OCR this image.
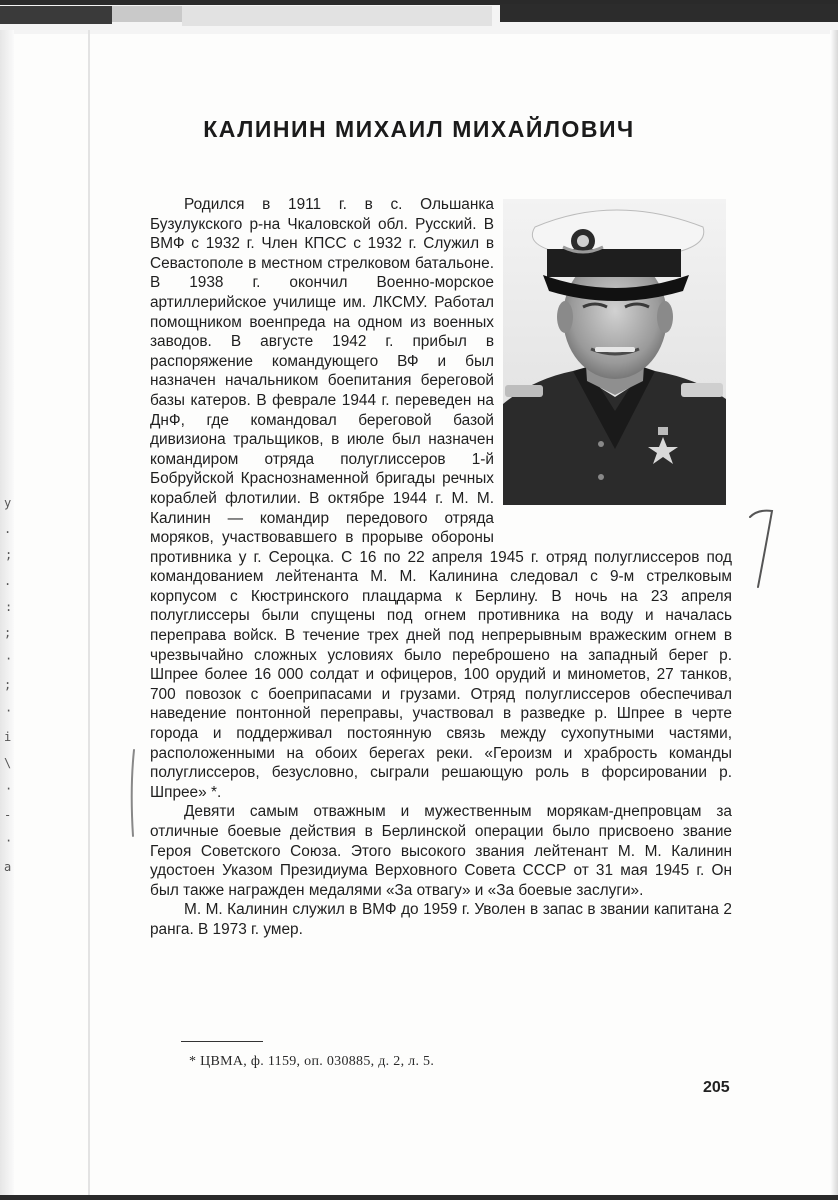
у
.
;
.
:
;
·
;
·
i
\
·
-
·
а
КАЛИНИН МИХАИЛ МИХАЙЛОВИЧ

Родился в 1911 г. в с. Ольшанка Бузулукского р-на Чкаловской обл. Русский. В ВМФ с 1932 г. Член КПСС с 1932 г. Служил в Севастополе в местном стрелковом батальоне. В 1938 г. окончил Военно-морское артиллерийское училище им. ЛКСМУ. Работал помощником военпреда на одном из военных заводов. В августе 1942 г. прибыл в распоряжение командующего ВФ и был назначен начальником боепитания береговой базы катеров. В феврале 1944 г. переведен на ДнФ, где командовал береговой базой дивизиона тральщиков, в июле был назначен командиром отряда полуглиссеров 1-й Бобруйской Краснознаменной бригады речных кораблей флотилии. В октябре 1944 г. М. М. Калинин — командир передового отряда моряков, участвовавшего в прорыве обороны противника у г. Сероцка. С 16 по 22 апреля 1945 г. отряд полуглиссеров под командованием лейтенанта М. М. Калинина следовал с 9-м стрелковым корпусом с Кюстринского плацдарма к Берлину. В ночь на 23 апреля полуглиссеры были спущены под огнем противника на воду и началась переправа войск. В течение трех дней под непрерывным вражеским огнем в чрезвычайно сложных условиях было переброшено на западный берег р. Шпрее более 16 000 солдат и офицеров, 100 орудий и минометов, 27 танков, 700 повозок с боеприпасами и грузами. Отряд полуглиссеров обеспечивал наведение понтонной переправы, участвовал в разведке р. Шпрее в черте города и поддерживал постоянную связь между сухопутными частями, расположенными на обоих берегах реки. «Героизм и храбрость команды полуглиссеров, безусловно, сыграли решающую роль в форсировании р. Шпрее» *.

Девяти самым отважным и мужественным морякам-днепровцам за отличные боевые действия в Берлинской операции было присвоено звание Героя Советского Союза. Этого высокого звания лейтенант М. М. Калинин удостоен Указом Президиума Верховного Совета СССР от 31 мая 1945 г. Он был также награжден медалями «За отвагу» и «За боевые заслуги».

М. М. Калинин служил в ВМФ до 1959 г. Уволен в запас в звании капитана 2 ранга. В 1973 г. умер.

* ЦВМА, ф. 1159, оп. 030885, д. 2, л. 5.
205
